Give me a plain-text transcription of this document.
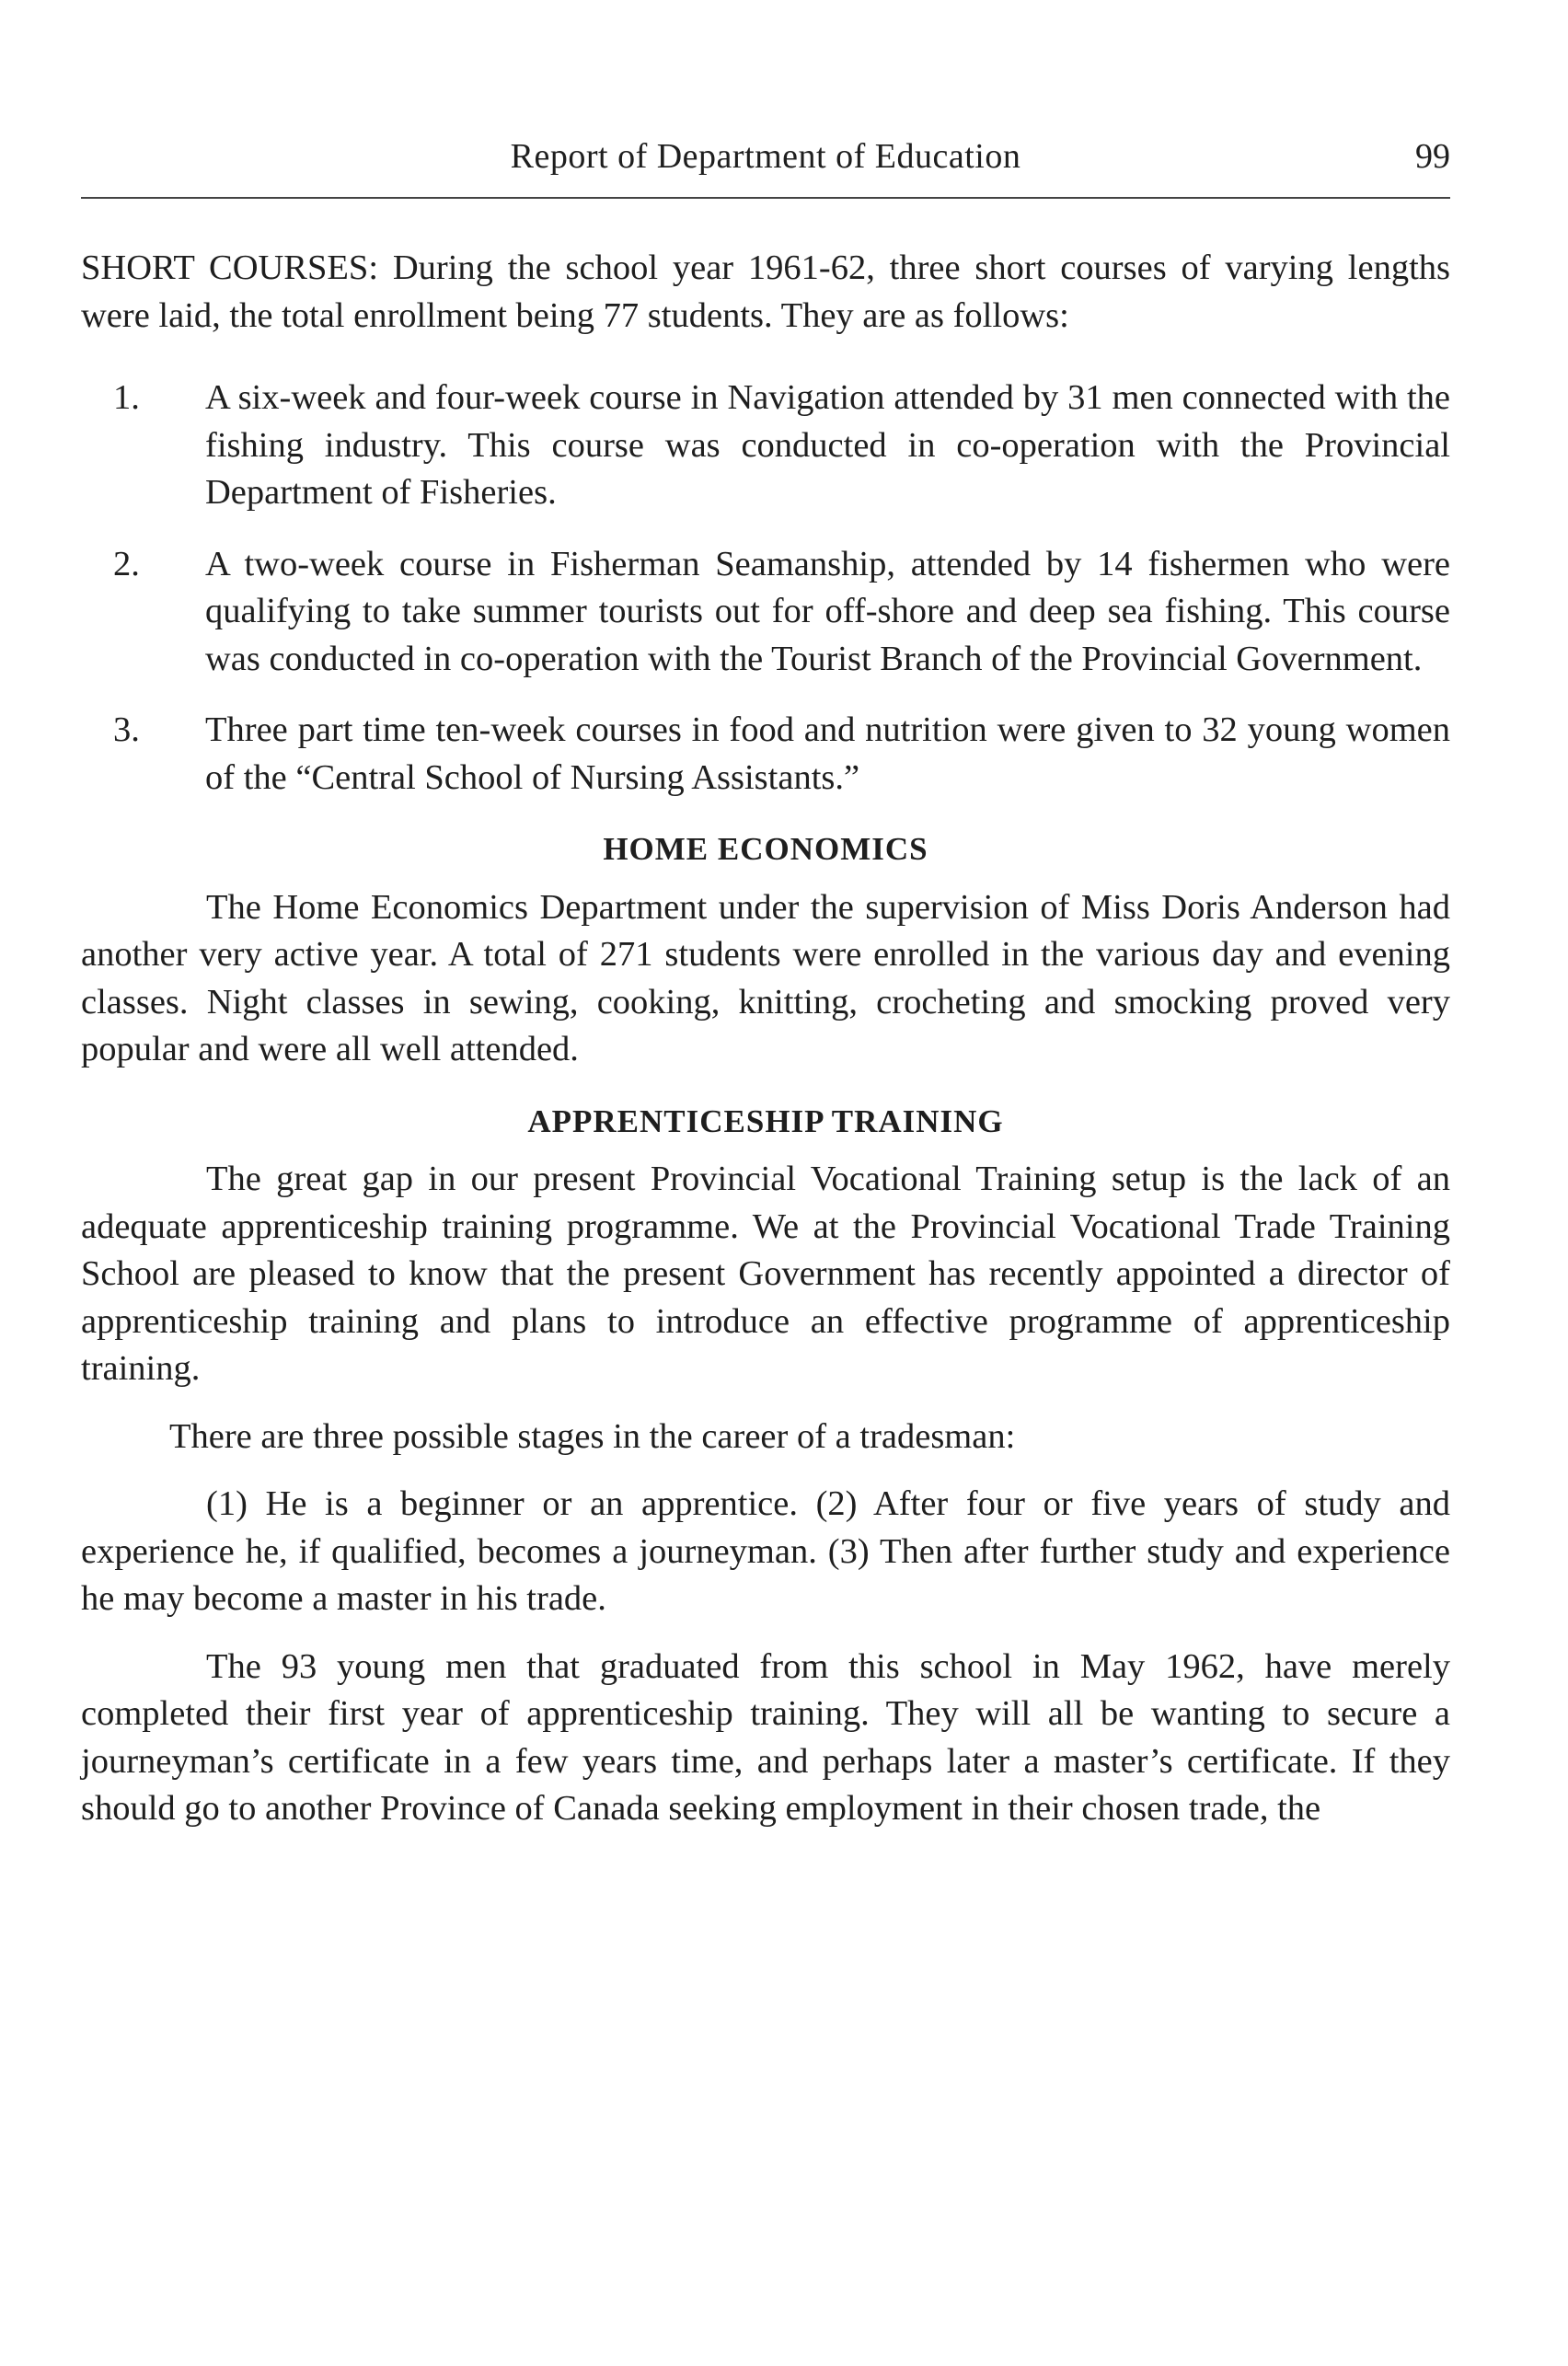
Report of Department of Education	99

SHORT COURSES: During the school year 1961-62, three short courses of varying lengths were laid, the total enrollment being 77 students. They are as follows:

1. A six-week and four-week course in Navigation attended by 31 men connected with the fishing industry. This course was conducted in co-operation with the Provincial Department of Fisheries.
2. A two-week course in Fisherman Seamanship, attended by 14 fishermen who were qualifying to take summer tourists out for off-shore and deep sea fishing. This course was conducted in co-operation with the Tourist Branch of the Provincial Government.
3. Three part time ten-week courses in food and nutrition were given to 32 young women of the “Central School of Nursing Assistants.”
HOME ECONOMICS

The Home Economics Department under the supervision of Miss Doris Anderson had another very active year. A total of 271 students were enrolled in the various day and evening classes. Night classes in sewing, cooking, knitting, crocheting and smocking proved very popular and were all well attended.

APPRENTICESHIP TRAINING

The great gap in our present Provincial Vocational Training setup is the lack of an adequate apprenticeship training programme. We at the Provincial Vocational Trade Training School are pleased to know that the present Government has recently appointed a director of apprenticeship training and plans to introduce an effective programme of apprenticeship training.

There are three possible stages in the career of a tradesman:

(1) He is a beginner or an apprentice. (2) After four or five years of study and experience he, if qualified, becomes a journeyman. (3) Then after further study and experience he may become a master in his trade.

The 93 young men that graduated from this school in May 1962, have merely completed their first year of apprenticeship training. They will all be wanting to secure a journeyman’s certificate in a few years time, and perhaps later a master’s certificate. If they should go to another Province of Canada seeking employment in their chosen trade, the
